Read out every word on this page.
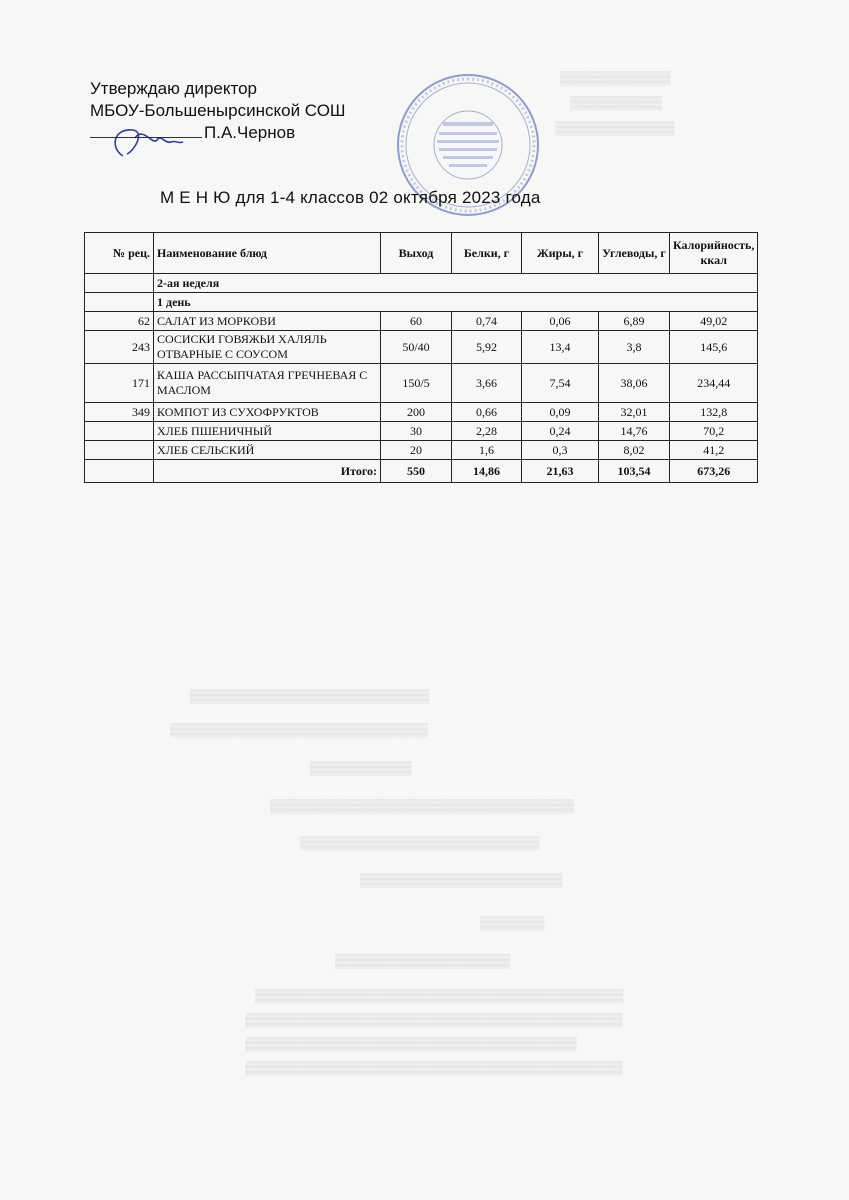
▒▒▒▒▒▒▒▒▒▒▒▒
▒▒▒▒▒▒▒▒▒▒
▒▒▒▒▒▒▒▒▒▒▒▒▒
▒▒▒▒▒▒▒▒▒▒▒▒▒▒▒▒▒▒▒▒▒▒▒▒▒▒
▒▒▒▒▒▒▒▒▒▒▒▒▒▒▒▒▒▒▒▒▒▒▒▒▒▒▒▒
▒▒▒▒▒▒▒▒▒▒▒
▒▒▒▒▒▒▒▒▒▒▒▒▒▒▒▒▒▒▒▒▒▒▒▒▒▒▒▒▒▒▒▒▒
▒▒▒▒▒▒▒▒▒▒▒▒▒▒▒▒▒▒▒▒▒▒▒▒▒▒
▒▒▒▒▒▒▒▒▒▒▒▒▒▒▒▒▒▒▒▒▒▒
▒▒▒▒▒▒▒
▒▒▒▒▒▒▒▒▒▒▒▒▒▒▒▒▒▒▒
▒▒▒▒▒▒▒▒▒▒▒▒▒▒▒▒▒▒▒▒▒▒▒▒▒▒▒▒▒▒▒▒▒▒▒▒▒▒▒▒
▒▒▒▒▒▒▒▒▒▒▒▒▒▒▒▒▒▒▒▒▒▒▒▒▒▒▒▒▒▒▒▒▒▒▒▒▒▒▒▒▒
▒▒▒▒▒▒▒▒▒▒▒▒▒▒▒▒▒▒▒▒▒▒▒▒▒▒▒▒▒▒▒▒▒▒▒▒
▒▒▒▒▒▒▒▒▒▒▒▒▒▒▒▒▒▒▒▒▒▒▒▒▒▒▒▒▒▒▒▒▒▒▒▒▒▒▒▒▒
Утверждаю директор
МБОУ-Большенырсинской СОШ
П.А.Чернов
М Е Н Ю для 1-4 классов 02 октября 2023 года
№ рец.	Наименование блюд	Выход	Белки, г	Жиры, г	Углеводы, г	Калорийность, ккал
	2-ая неделя					
	1 день					
62	САЛАТ ИЗ МОРКОВИ	60	0,74	0,06	6,89	49,02
243	СОСИСКИ ГОВЯЖЬИ ХАЛЯЛЬ ОТВАРНЫЕ С СОУСОМ	50/40	5,92	13,4	3,8	145,6
171	КАША РАССЫПЧАТАЯ ГРЕЧНЕВАЯ С МАСЛОМ	150/5	3,66	7,54	38,06	234,44
349	КОМПОТ ИЗ СУХОФРУКТОВ	200	0,66	0,09	32,01	132,8
	ХЛЕБ ПШЕНИЧНЫЙ	30	2,28	0,24	14,76	70,2
	ХЛЕБ СЕЛЬСКИЙ	20	1,6	0,3	8,02	41,2
	Итого:	550	14,86	21,63	103,54	673,26
